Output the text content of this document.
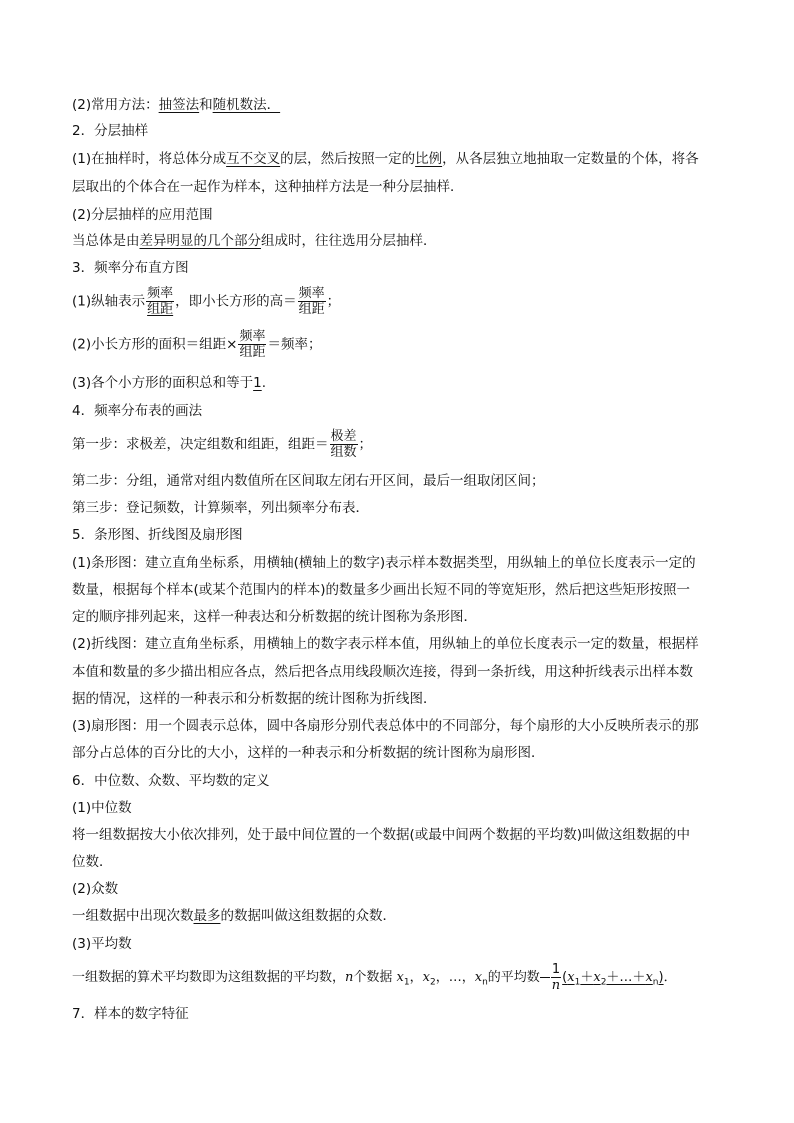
(2)常用方法：抽签法和随机数法．
2．分层抽样
(1)在抽样时，将总体分成互不交叉的层，然后按照一定的比例，从各层独立地抽取一定数量的个体，将各
层取出的个体合在一起作为样本，这种抽样方法是一种分层抽样．
(2)分层抽样的应用范围
当总体是由差异明显的几个部分组成时，往往选用分层抽样．
3．频率分布直方图
(1)纵轴表示 $\frac{\text{频率}}{\text{组距}}$ ，即小长方形的高＝ $\frac{\text{频率}}{\text{组距}}$ ；
(2)小长方形的面积＝组距× $\frac{\text{频率}}{\text{组距}}$ ＝频率；
(3)各个小方形的面积总和等于1.
4．频率分布表的画法
第一步：求极差，决定组数和组距，组距＝ $\frac{\text{极差}}{\text{组数}}$ ；
第二步：分组，通常对组内数值所在区间取左闭右开区间，最后一组取闭区间；
第三步：登记频数，计算频率，列出频率分布表．
5．条形图、折线图及扇形图
(1)条形图：建立直角坐标系，用横轴(横轴上的数字)表示样本数据类型，用纵轴上的单位长度表示一定的
数量，根据每个样本(或某个范围内的样本)的数量多少画出长短不同的等宽矩形，然后把这些矩形按照一
定的顺序排列起来，这样一种表达和分析数据的统计图称为条形图．
(2)折线图：建立直角坐标系，用横轴上的数字表示样本值，用纵轴上的单位长度表示一定的数量，根据样
本值和数量的多少描出相应各点，然后把各点用线段顺次连接，得到一条折线，用这种折线表示出样本数
据的情况，这样的一种表示和分析数据的统计图称为折线图．
(3)扇形图：用一个圆表示总体，圆中各扇形分别代表总体中的不同部分，每个扇形的大小反映所表示的那
部分占总体的百分比的大小，这样的一种表示和分析数据的统计图称为扇形图．
6．中位数、众数、平均数的定义
(1)中位数
将一组数据按大小依次排列，处于最中间位置的一个数据(或最中间两个数据的平均数)叫做这组数据的中
位数．
(2)众数
一组数据中出现次数最多的数据叫做这组数据的众数．
(3)平均数
一组数据的算术平均数即为这组数据的平均数，n个数据 $x_1$，$x_2$，…，$x_n$的平均数 $\frac{1}{n}$ $(x_1+x_2+\dots+x_n)$．
7．样本的数字特征
